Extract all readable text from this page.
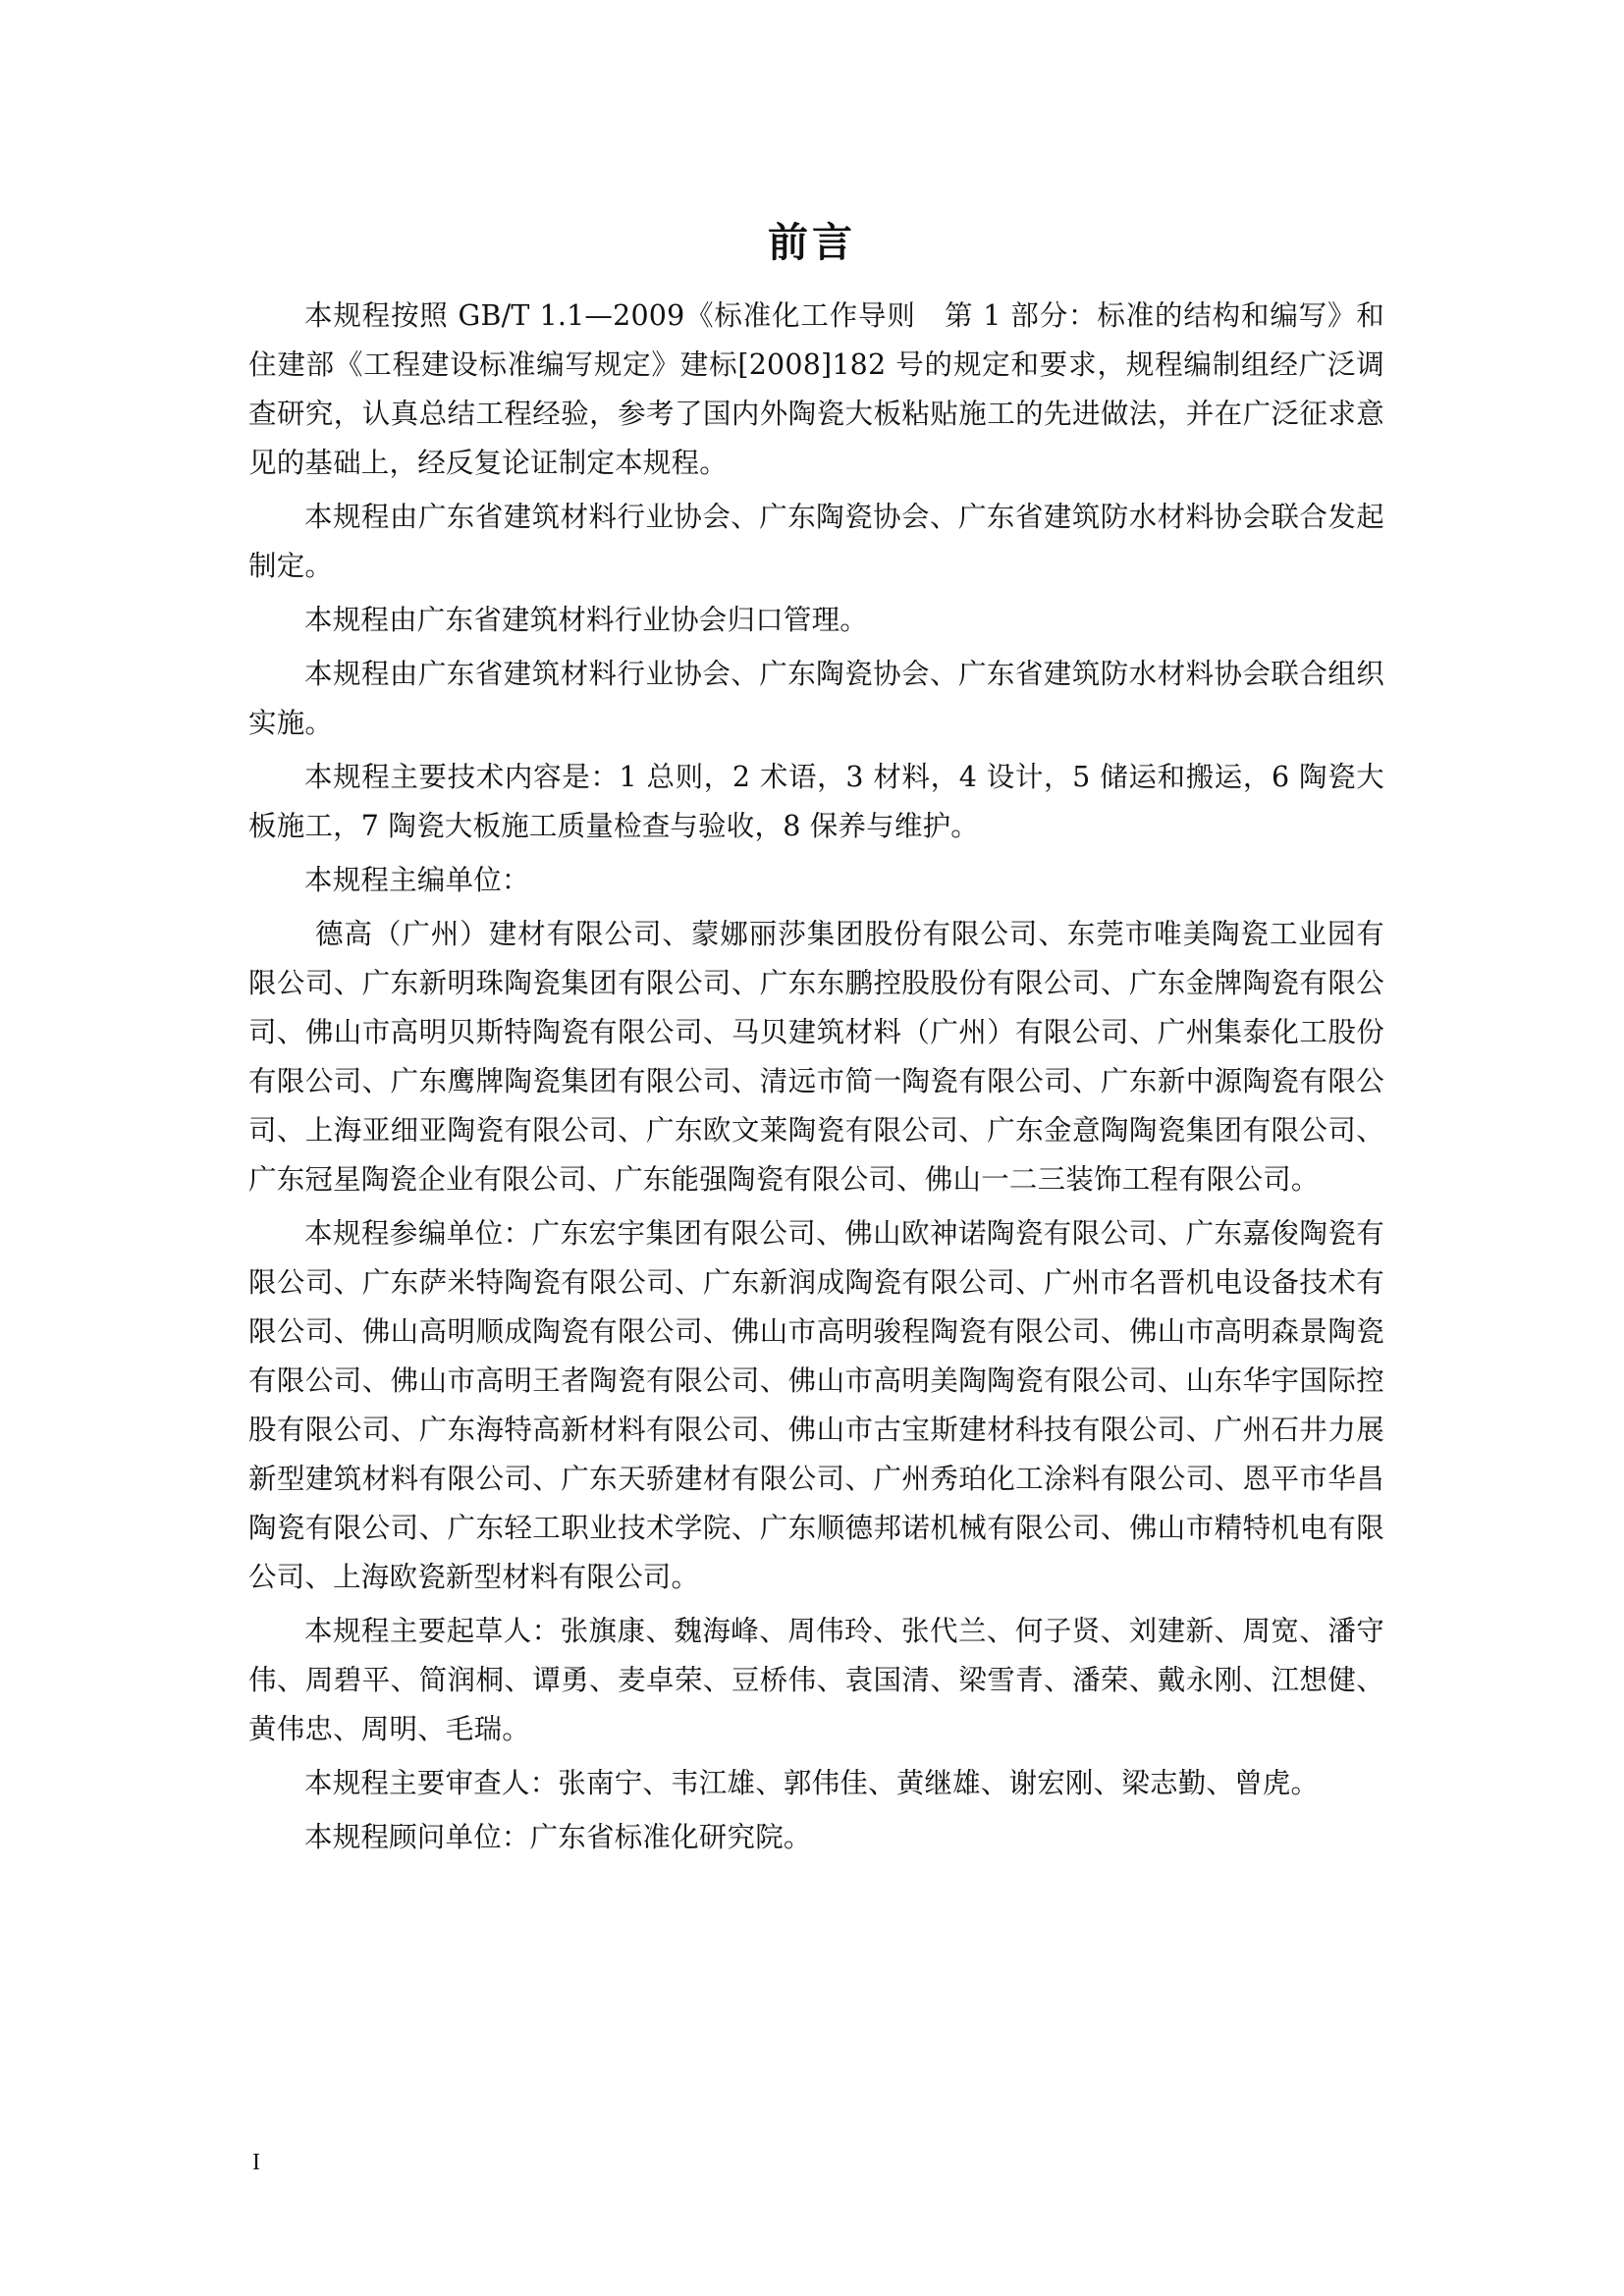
前言

本规程按照 GB/T 1.1—2009《标准化工作导则　第 1 部分：标准的结构和编写》和住建部《工程建设标准编写规定》建标[2008]182 号的规定和要求，规程编制组经广泛调查研究，认真总结工程经验，参考了国内外陶瓷大板粘贴施工的先进做法，并在广泛征求意见的基础上，经反复论证制定本规程。

本规程由广东省建筑材料行业协会、广东陶瓷协会、广东省建筑防水材料协会联合发起制定。

本规程由广东省建筑材料行业协会归口管理。

本规程由广东省建筑材料行业协会、广东陶瓷协会、广东省建筑防水材料协会联合组织实施。

本规程主要技术内容是：1 总则，2 术语，3 材料，4 设计，5 储运和搬运，6 陶瓷大板施工，7 陶瓷大板施工质量检查与验收，8 保养与维护。

本规程主编单位：

德高（广州）建材有限公司、蒙娜丽莎集团股份有限公司、东莞市唯美陶瓷工业园有限公司、广东新明珠陶瓷集团有限公司、广东东鹏控股股份有限公司、广东金牌陶瓷有限公司、佛山市高明贝斯特陶瓷有限公司、马贝建筑材料（广州）有限公司、广州集泰化工股份有限公司、广东鹰牌陶瓷集团有限公司、清远市简一陶瓷有限公司、广东新中源陶瓷有限公司、上海亚细亚陶瓷有限公司、广东欧文莱陶瓷有限公司、广东金意陶陶瓷集团有限公司、广东冠星陶瓷企业有限公司、广东能强陶瓷有限公司、佛山一二三装饰工程有限公司。

本规程参编单位：广东宏宇集团有限公司、佛山欧神诺陶瓷有限公司、广东嘉俊陶瓷有限公司、广东萨米特陶瓷有限公司、广东新润成陶瓷有限公司、广州市名晋机电设备技术有限公司、佛山高明顺成陶瓷有限公司、佛山市高明骏程陶瓷有限公司、佛山市高明森景陶瓷有限公司、佛山市高明王者陶瓷有限公司、佛山市高明美陶陶瓷有限公司、山东华宇国际控股有限公司、广东海特高新材料有限公司、佛山市古宝斯建材科技有限公司、广州石井力展新型建筑材料有限公司、广东天骄建材有限公司、广州秀珀化工涂料有限公司、恩平市华昌陶瓷有限公司、广东轻工职业技术学院、广东顺德邦诺机械有限公司、佛山市精特机电有限公司、上海欧瓷新型材料有限公司。

本规程主要起草人：张旗康、魏海峰、周伟玲、张代兰、何子贤、刘建新、周宽、潘守伟、周碧平、简润桐、谭勇、麦卓荣、豆桥伟、袁国清、梁雪青、潘荣、戴永刚、江想健、黄伟忠、周明、毛瑞。

本规程主要审查人：张南宁、韦江雄、郭伟佳、黄继雄、谢宏刚、梁志勤、曾虎。

本规程顾问单位：广东省标准化研究院。

I
